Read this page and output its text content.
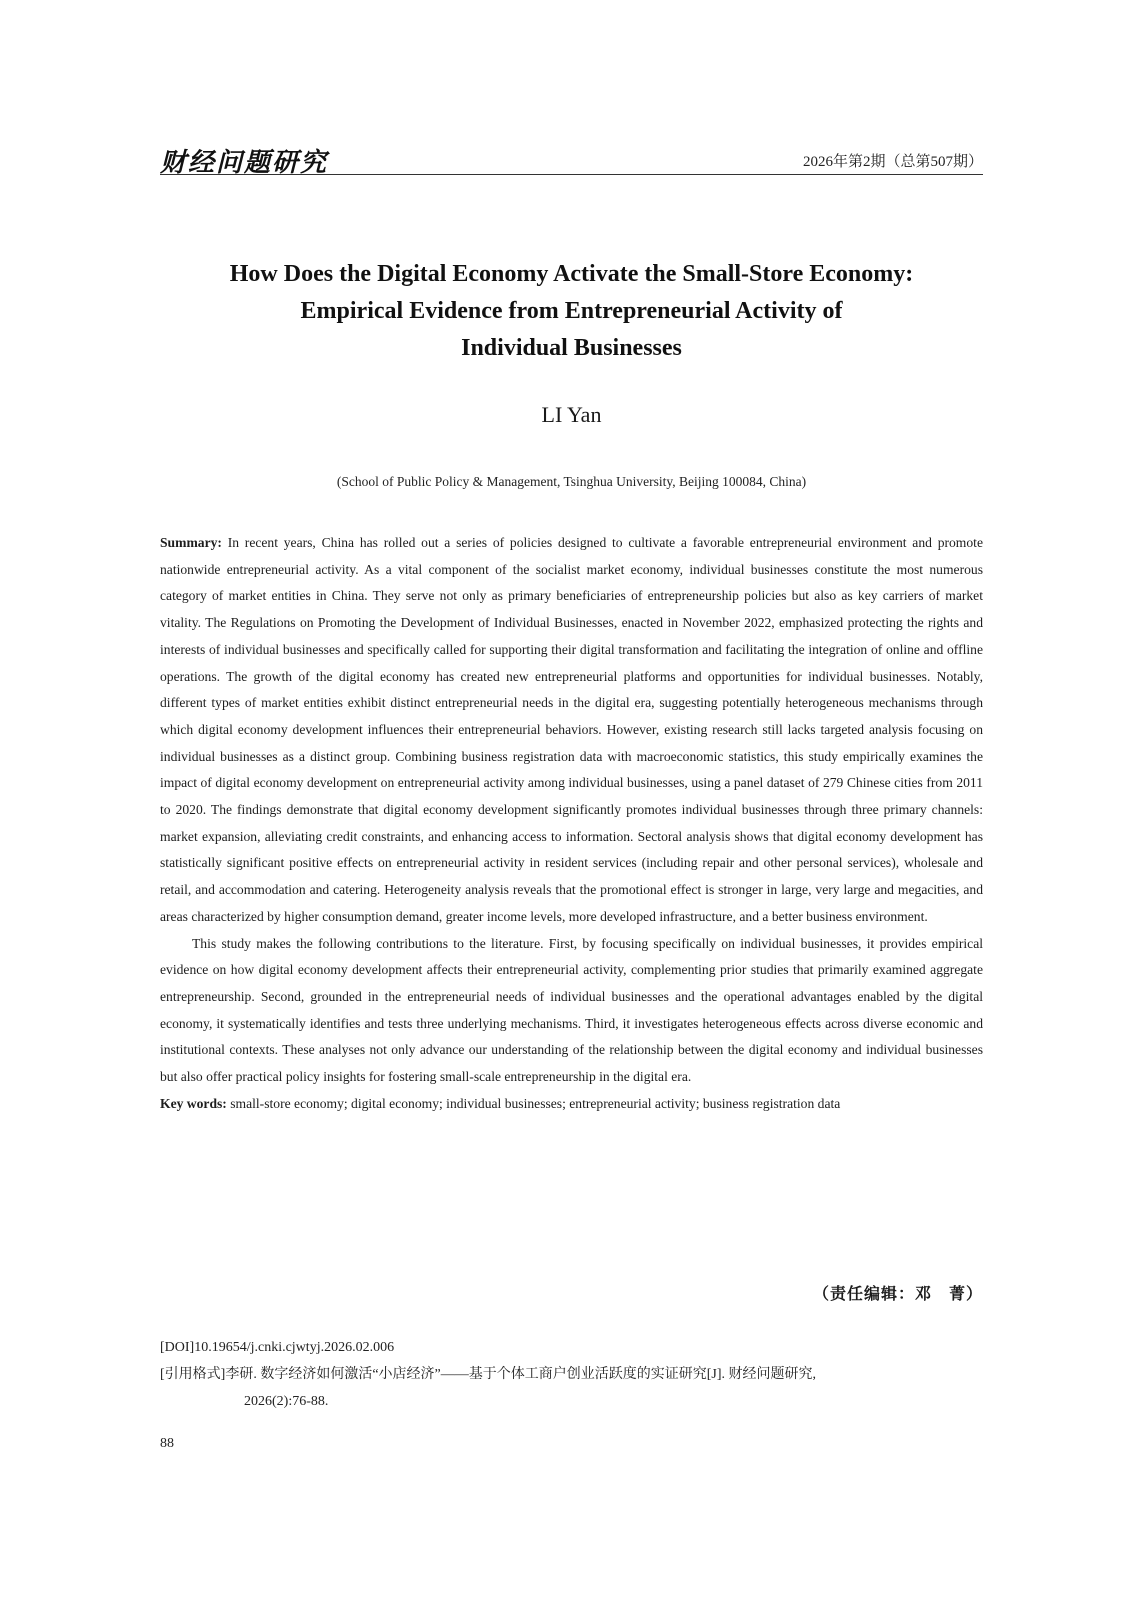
财经问题研究	2026年第2期（总第507期）
How Does the Digital Economy Activate the Small-Store Economy:
Empirical Evidence from Entrepreneurial Activity of
Individual Businesses
LI Yan
(School of Public Policy & Management, Tsinghua University, Beijing 100084, China)

Summary: In recent years, China has rolled out a series of policies designed to cultivate a favorable entrepreneurial environment and promote nationwide entrepreneurial activity. As a vital component of the socialist market economy, individual businesses constitute the most numerous category of market entities in China. They serve not only as primary beneficiaries of entrepreneurship policies but also as key carriers of market vitality. The Regulations on Promoting the Development of Individual Businesses, enacted in November 2022, emphasized protecting the rights and interests of individual businesses and specifically called for supporting their digital transformation and facilitating the integration of online and offline operations. The growth of the digital economy has created new entrepreneurial platforms and opportunities for individual businesses. Notably, different types of market entities exhibit distinct entrepreneurial needs in the digital era, suggesting potentially heterogeneous mechanisms through which digital economy development influences their entrepreneurial behaviors. However, existing research still lacks targeted analysis focusing on individual businesses as a distinct group. Combining business registration data with macroeconomic statistics, this study empirically examines the impact of digital economy development on entrepreneurial activity among individual businesses, using a panel dataset of 279 Chinese cities from 2011 to 2020. The findings demonstrate that digital economy development significantly promotes individual businesses through three primary channels: market expansion, alleviating credit constraints, and enhancing access to information. Sectoral analysis shows that digital economy development has statistically significant positive effects on entrepreneurial activity in resident services (including repair and other personal services), wholesale and retail, and accommodation and catering. Heterogeneity analysis reveals that the promotional effect is stronger in large, very large and megacities, and areas characterized by higher consumption demand, greater income levels, more developed infrastructure, and a better business environment.

This study makes the following contributions to the literature. First, by focusing specifically on individual businesses, it provides empirical evidence on how digital economy development affects their entrepreneurial activity, complementing prior studies that primarily examined aggregate entrepreneurship. Second, grounded in the entrepreneurial needs of individual businesses and the operational advantages enabled by the digital economy, it systematically identifies and tests three underlying mechanisms. Third, it investigates heterogeneous effects across diverse economic and institutional contexts. These analyses not only advance our understanding of the relationship between the digital economy and individual businesses but also offer practical policy insights for fostering small-scale entrepreneurship in the digital era.

Key words: small-store economy; digital economy; individual businesses; entrepreneurial activity; business registration data

（责任编辑：邓　菁）
[DOI]10.19654/j.cnki.cjwtyj.2026.02.006
[引用格式]李研. 数字经济如何激活“小店经济”——基于个体工商户创业活跃度的实证研究[J]. 财经问题研究,
2026(2):76-88.
88
